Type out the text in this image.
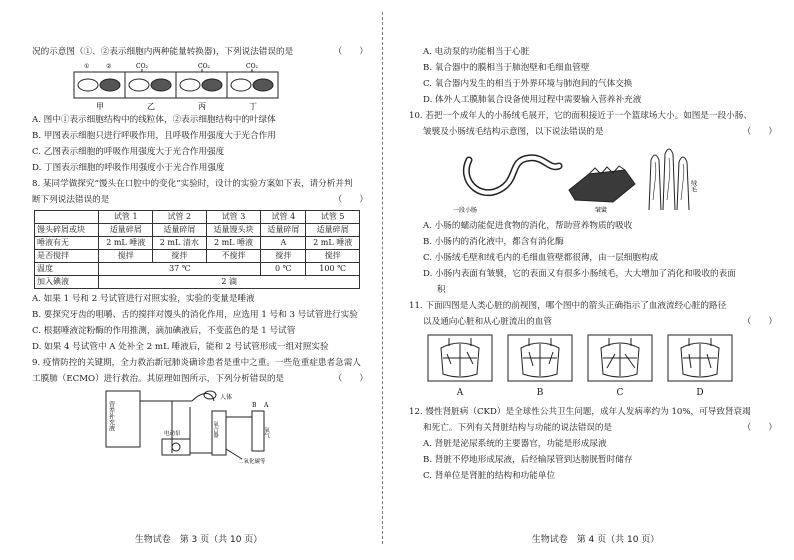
况的示意图（①、②表示细胞内两种能量转换器)，下列说法错误的是	（　　）
①	②	CO₂	CO₂	CO₂
甲	乙	丙	丁
A. 图中①表示细胞结构中的线粒体，②表示细胞结构中的叶绿体
B. 甲图表示细胞只进行呼吸作用，且呼吸作用强度大于光合作用
C. 乙图表示细胞的呼吸作用强度大于光合作用强度
D. 丁图表示细胞的呼吸作用强度小于光合作用强度
8. 某同学做探究“馒头在口腔中的变化”实验时，设计的实验方案如下表，请分析并判
断下列说法错误的是	（　　）
	试管 1	试管 2	试管 3	试管 4	试管 5
馒头碎屑或块	适量碎屑	适量碎屑	适量馒头块	适量碎屑	适量碎屑
唾液有无	2 mL 唾液	2 mL 清水	2 mL 唾液	A	2 mL 唾液
是否搅拌	搅拌	搅拌	不搅拌	搅拌	搅拌
温度	37 ℃			0 ℃	100 ℃
加入碘液	2 滴				
A. 如果 1 号和 2 号试管进行对照实验，实验的变量是唾液
B. 要探究牙齿的咀嚼、舌的搅拌对馒头的消化作用，应选用 1 号和 3 号试管进行实验
C. 根据唾液淀粉酶的作用推测，滴加碘液后，不变蓝色的是 1 号试管
D. 如果 4 号试管中 A 处补全 2 mL 唾液后，能和 2 号试管形成一组对照实验
9. 疫情防控的关键期，全力救治新冠肺炎确诊患者是重中之重。一些危重症患者急需人
工膜肺（ECMO）进行救治。其原理如图所示，下列分析错误的是	（　　）
营养补充液
人体
电动泵	氧合器	氧气
B A
二氧化碳等
生物试卷　第 3 页（共 10 页）
A. 电动泵的功能相当于心脏
B. 氧合器中的膜相当于肺泡壁和毛细血管壁
C. 氧合器内发生的相当于外界环境与肺泡间的气体交换
D. 体外人工膜肺氧合设备使用过程中需要输入营养补充液
10. 若把一个成年人的小肠绒毛展开，它的面积接近于一个篮球场大小。如图是一段小肠、
皱襞及小肠绒毛结构示意图，以下说法错误的是	（　　）
一段小肠	皱襞
绒毛
A. 小肠的蠕动能促进食物的消化，帮助营养物质的吸收
B. 小肠内的消化液中，都含有消化酶
C. 小肠绒毛壁和绒毛内的毛细血管壁都很薄，由一层细胞构成
D. 小肠内表面有皱襞，它的表面又有很多小肠绒毛，大大增加了消化和吸收的表面
积
11. 下面四图是人类心脏的前视图，哪个图中的箭头正确指示了血液流经心脏的路径
以及通向心脏和从心脏流出的血管	（　　）
A	B	C	D
12. 慢性肾脏病（CKD）是全球性公共卫生问题，成年人发病率约为 10%，可导致肾衰竭
和死亡。下列有关肾脏结构与功能的说法错误的是	（　　）
A. 肾脏是泌尿系统的主要器官，功能是形成尿液
B. 肾脏不停地形成尿液，后经输尿管到达膀胱暂时储存
C. 肾单位是肾脏的结构和功能单位
生物试卷　第 4 页（共 10 页）
